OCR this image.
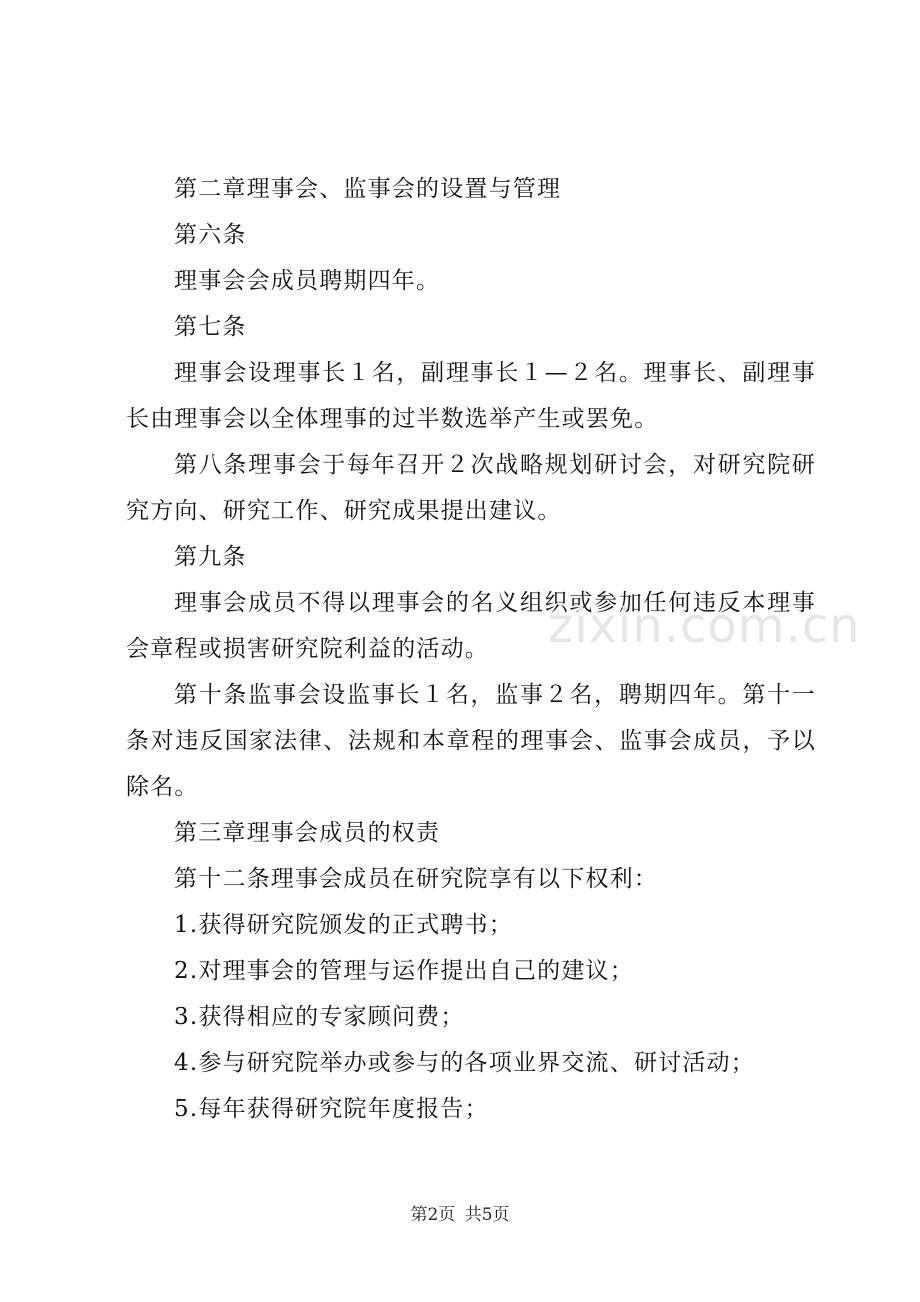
第二章理事会、监事会的设置与管理

第六条

理事会会成员聘期四年。

第七条

理事会设理事长１名，副理事长１—２名。理事长、副理事长由理事会以全体理事的过半数选举产生或罢免。

第八条理事会于每年召开２次战略规划研讨会，对研究院研究方向、研究工作、研究成果提出建议。

第九条

理事会成员不得以理事会的名义组织或参加任何违反本理事会章程或损害研究院利益的活动。

第十条监事会设监事长１名，监事２名，聘期四年。第十一条对违反国家法律、法规和本章程的理事会、监事会成员，予以除名。

第三章理事会成员的权责

第十二条理事会成员在研究院享有以下权利：

1.获得研究院颁发的正式聘书；

2.对理事会的管理与运作提出自己的建议；

3.获得相应的专家顾问费；

4.参与研究院举办或参与的各项业界交流、研讨活动；

5.每年获得研究院年度报告；

zixin.com.cn
第2页 共5页
